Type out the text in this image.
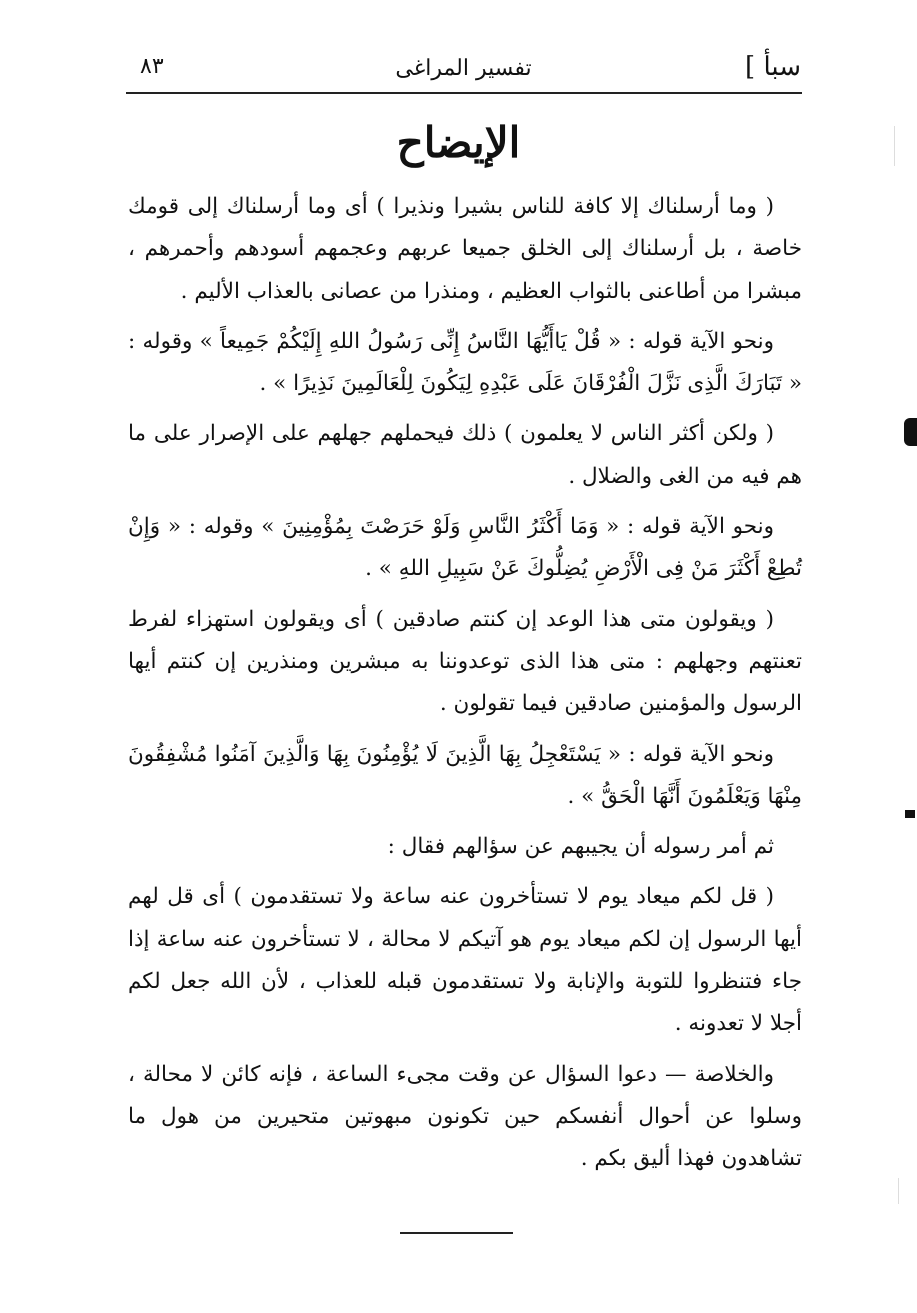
سبأ ]
تفسير المراغى
٨٣
الإيضاح

( وما أرسلناك إلا كافة للناس بشيرا ونذيرا ) أى وما أرسلناك إلى قومك خاصة ، بل أرسلناك إلى الخلق جميعا عربهم وعجمهم أسودهم وأحمرهم ، مبشرا من أطاعنى بالثواب العظيم ، ومنذرا من عصانى بالعذاب الأليم .

ونحو الآية قوله : « قُلْ يَاأَيُّهَا النَّاسُ إِنِّى رَسُولُ اللهِ إِلَيْكُمْ جَمِيعاً » وقوله : « تَبَارَكَ الَّذِى نَزَّلَ الْفُرْقَانَ عَلَى عَبْدِهِ لِيَكُونَ لِلْعَالَمِينَ نَذِيرًا » .

( ولكن أكثر الناس لا يعلمون ) ذلك فيحملهم جهلهم على الإصرار على ما هم فيه من الغى والضلال .

ونحو الآية قوله : « وَمَا أَكْثَرُ النَّاسِ وَلَوْ حَرَصْتَ بِمُؤْمِنِينَ » وقوله : « وَإِنْ تُطِعْ أَكْثَرَ مَنْ فِى الْأَرْضِ يُضِلُّوكَ عَنْ سَبِيلِ اللهِ » .

( ويقولون متى هذا الوعد إن كنتم صادقين ) أى ويقولون استهزاء لفرط تعنتهم وجهلهم : متى هذا الذى توعدوننا به مبشرين ومنذرين إن كنتم أيها الرسول والمؤمنين صادقين فيما تقولون .

ونحو الآية قوله : « يَسْتَعْجِلُ بِهَا الَّذِينَ لَا يُؤْمِنُونَ بِهَا وَالَّذِينَ آمَنُوا مُشْفِقُونَ مِنْهَا وَيَعْلَمُونَ أَنَّهَا الْحَقُّ » .

ثم أمر رسوله أن يجيبهم عن سؤالهم فقال :

( قل لكم ميعاد يوم لا تستأخرون عنه ساعة ولا تستقدمون ) أى قل لهم أيها الرسول إن لكم ميعاد يوم هو آتيكم لا محالة ، لا تستأخرون عنه ساعة إذا جاء فتنظروا للتوبة والإنابة ولا تستقدمون قبله للعذاب ، لأن الله جعل لكم أجلا لا تعدونه .

والخلاصة — دعوا السؤال عن وقت مجىء الساعة ، فإنه كائن لا محالة ، وسلوا عن أحوال أنفسكم حين تكونون مبهوتين متحيرين من هول ما تشاهدون فهذا أليق بكم .
